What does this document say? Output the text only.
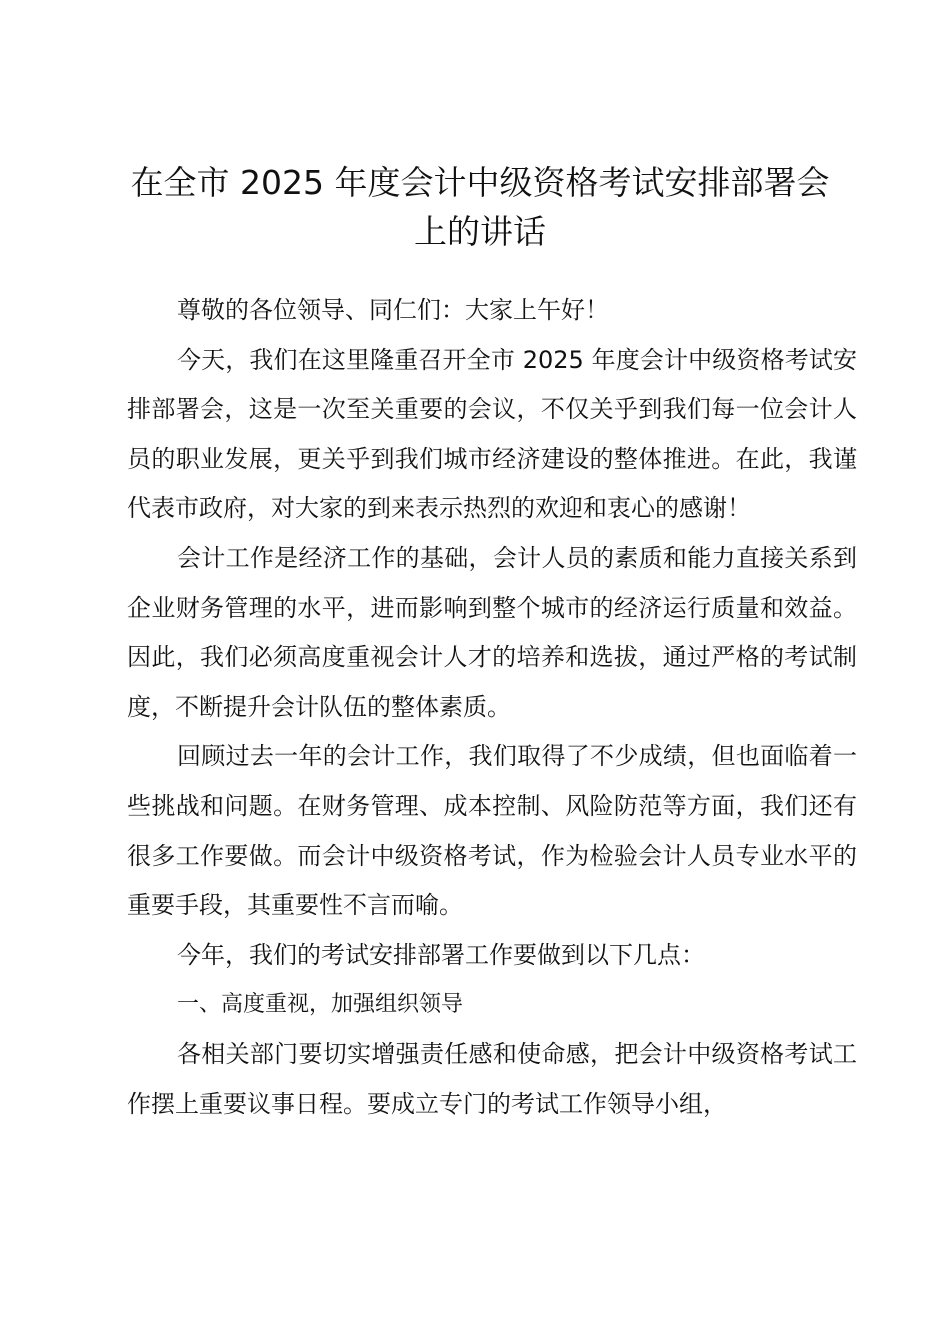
在全市 2025 年度会计中级资格考试安排部署会上的讲话

尊敬的各位领导、同仁们：大家上午好！

今天，我们在这里隆重召开全市 2025 年度会计中级资格考试安排部署会，这是一次至关重要的会议，不仅关乎到我们每一位会计人员的职业发展，更关乎到我们城市经济建设的整体推进。在此，我谨代表市政府，对大家的到来表示热烈的欢迎和衷心的感谢！

会计工作是经济工作的基础，会计人员的素质和能力直接关系到企业财务管理的水平，进而影响到整个城市的经济运行质量和效益。因此，我们必须高度重视会计人才的培养和选拔，通过严格的考试制度，不断提升会计队伍的整体素质。

回顾过去一年的会计工作，我们取得了不少成绩，但也面临着一些挑战和问题。在财务管理、成本控制、风险防范等方面，我们还有很多工作要做。而会计中级资格考试，作为检验会计人员专业水平的重要手段，其重要性不言而喻。

今年，我们的考试安排部署工作要做到以下几点：

一、高度重视，加强组织领导

各相关部门要切实增强责任感和使命感，把会计中级资格考试工作摆上重要议事日程。要成立专门的考试工作领导小组，
